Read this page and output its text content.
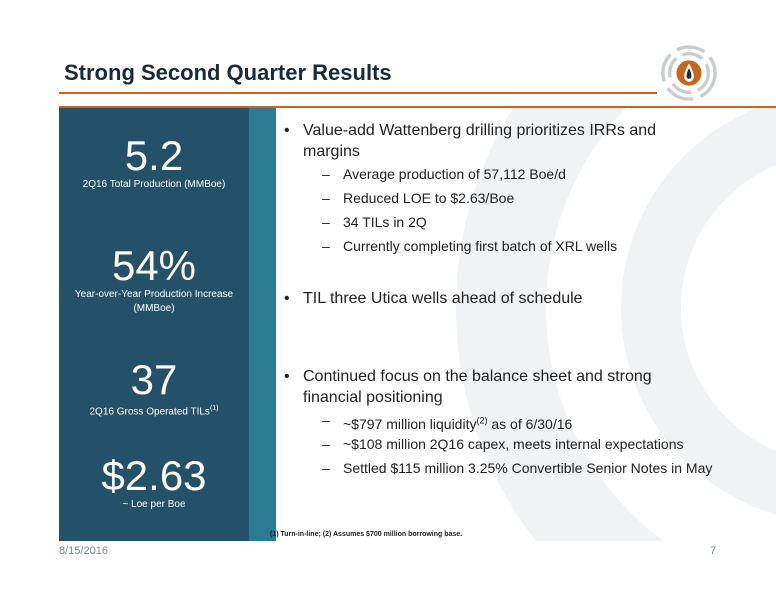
Strong Second Quarter Results
5.2
2Q16 Total Production (MMBoe)
54%
Year-over-Year Production Increase
(MMBoe)
37
2Q16 Gross Operated TILs$^{(1)}$
$2.63
~ Loe per Boe
• Value-add Wattenberg drilling prioritizes IRRs and
margins
– Average production of 57,112 Boe/d
– Reduced LOE to $2.63/Boe
– 34 TILs in 2Q
– Currently completing first batch of XRL wells
• TIL three Utica wells ahead of schedule
• Continued focus on the balance sheet and strong
financial positioning
– ~$797 million liquidity$^{(2)}$ as of 6/30/16
– ~$108 million 2Q16 capex, meets internal expectations
– Settled $115 million 3.25% Convertible Senior Notes in May
(1) Turn-in-line; (2) Assumes $700 million borrowing base.
8/15/2016	7
